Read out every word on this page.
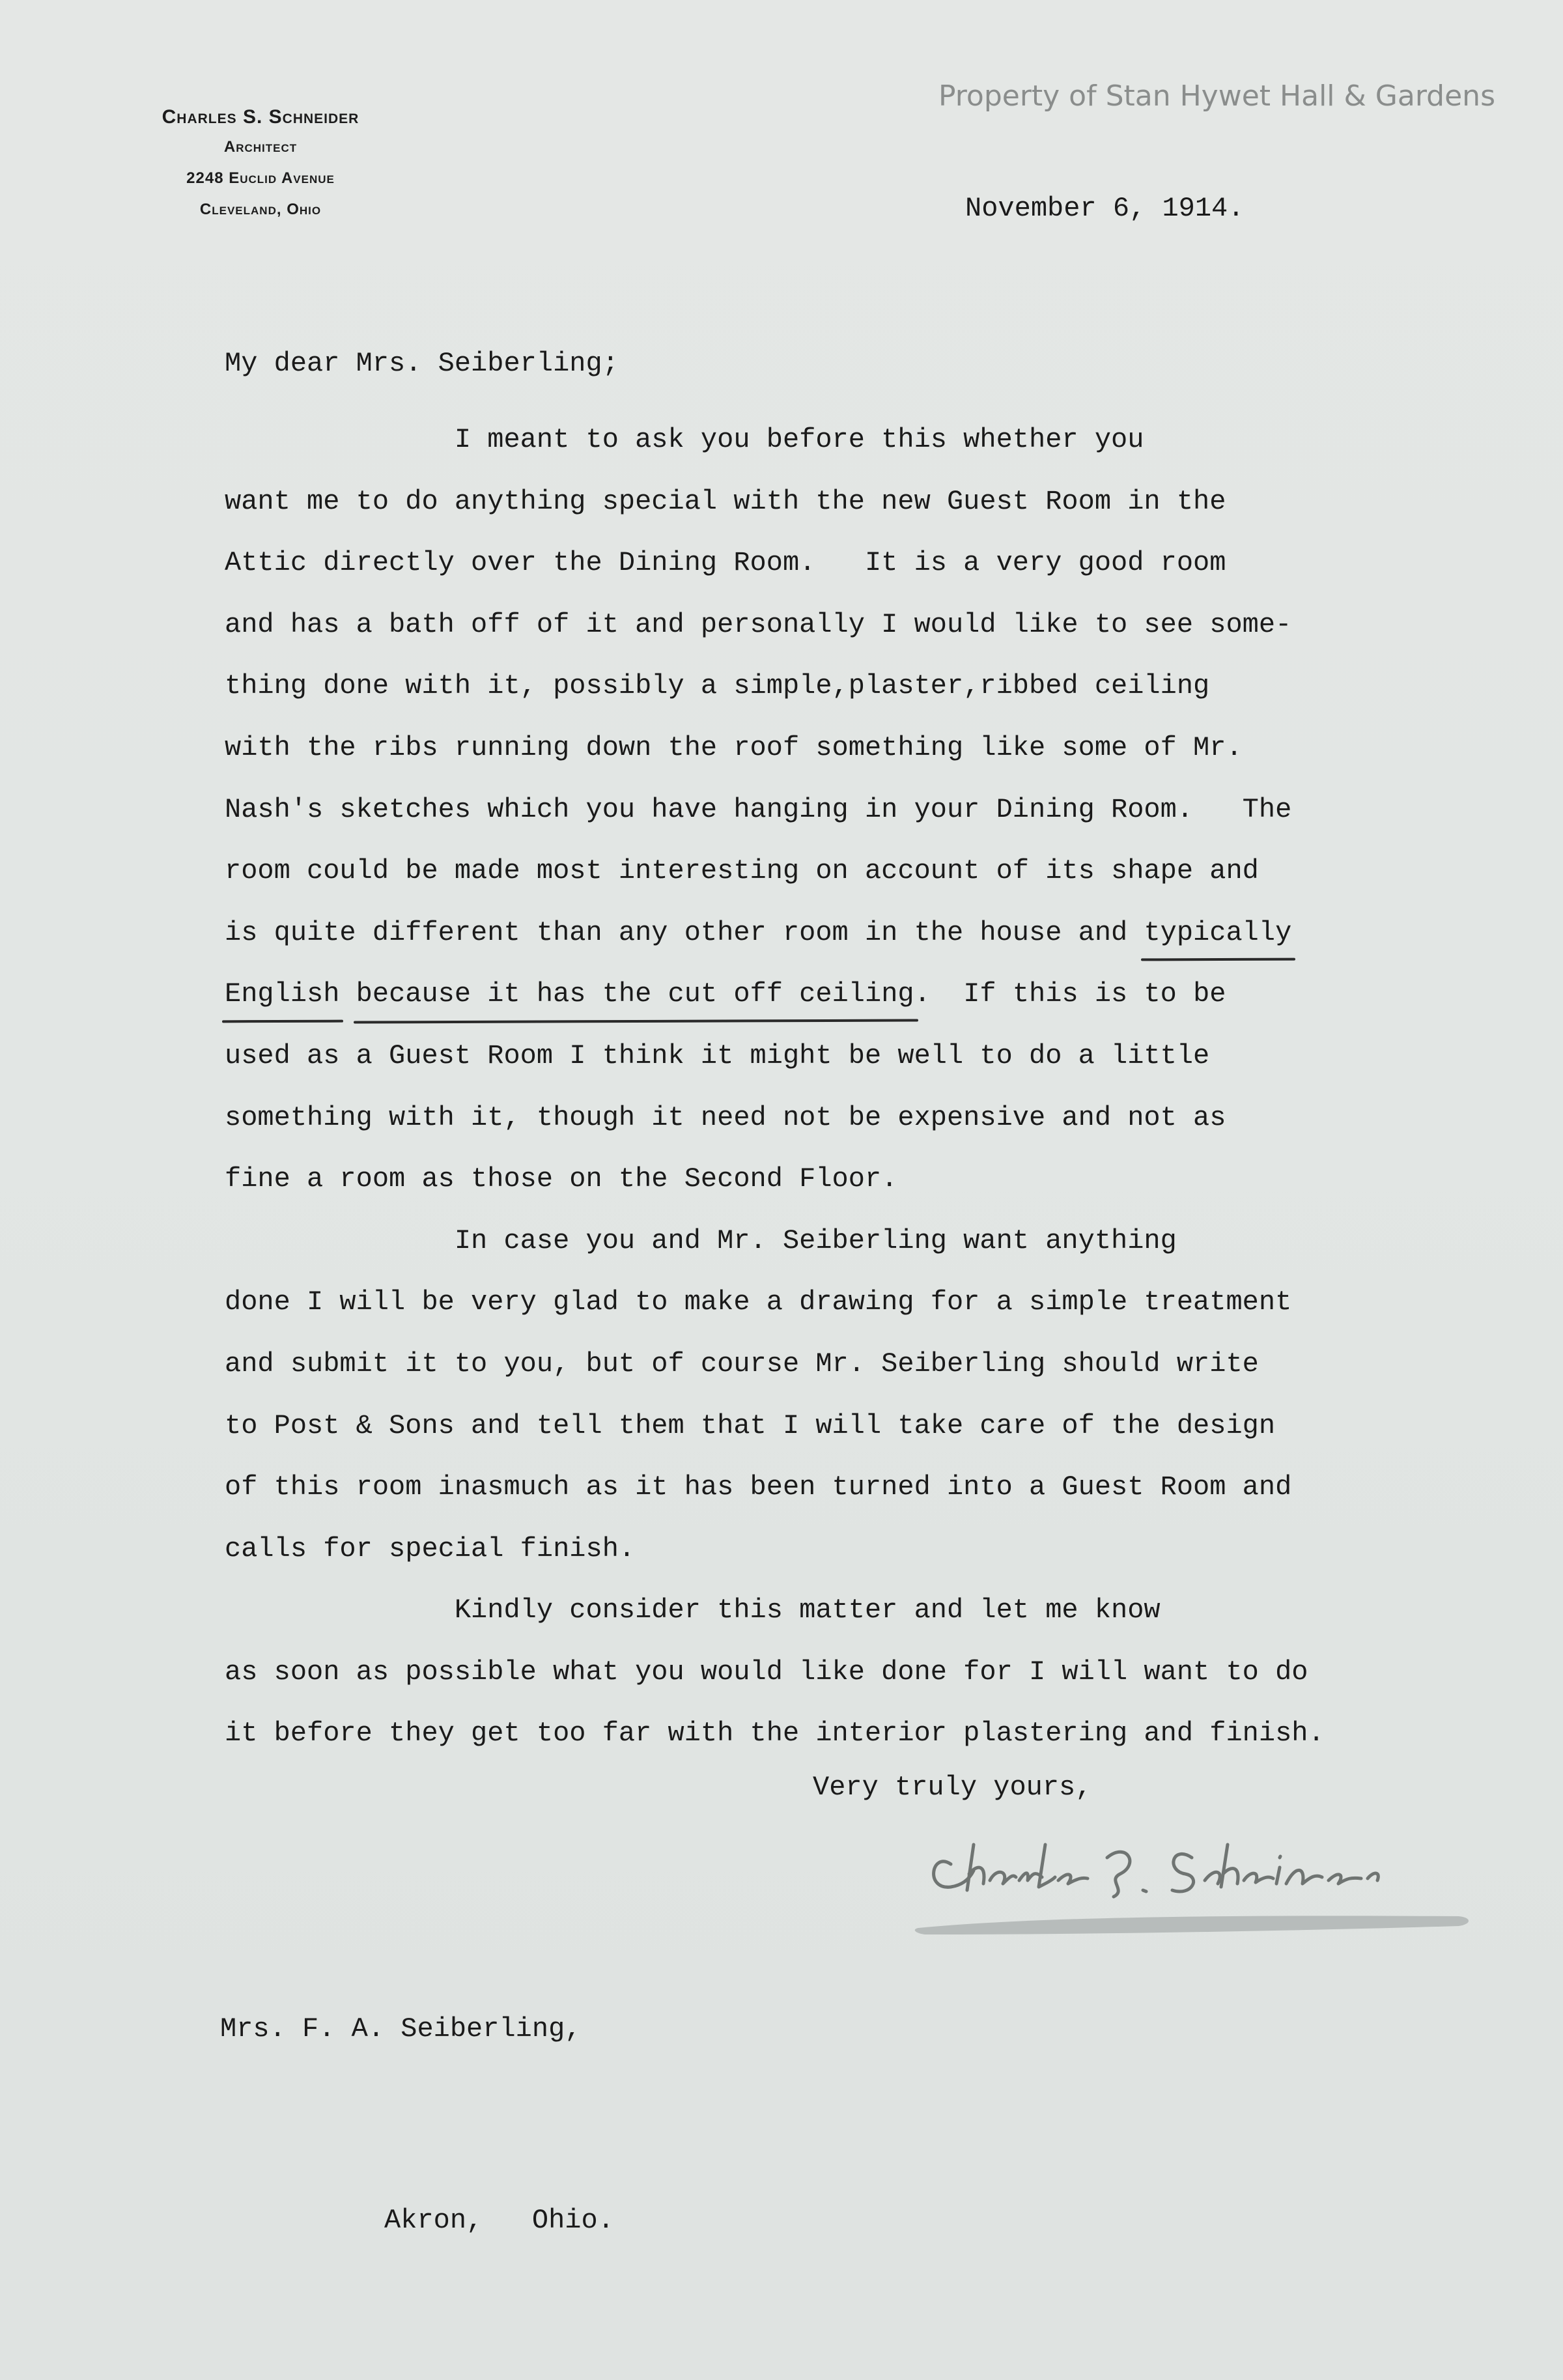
Charles S. Schneider
Architect
2248 Euclid Avenue
Cleveland, Ohio
Property of Stan Hywet Hall & Gardens
November 6, 1914.
My dear Mrs. Seiberling;
I meant to ask you before this whether you
want me to do anything special with the new Guest Room in the
Attic directly over the Dining Room.   It is a very good room
and has a bath off of it and personally I would like to see some-
thing done with it, possibly a simple,plaster,ribbed ceiling
with the ribs running down the roof something like some of Mr.
Nash's sketches which you have hanging in your Dining Room.   The
room could be made most interesting on account of its shape and
is quite different than any other room in the house and typically
English because it has the cut off ceiling.  If this is to be
used as a Guest Room I think it might be well to do a little
something with it, though it need not be expensive and not as
fine a room as those on the Second Floor.
In case you and Mr. Seiberling want anything
done I will be very glad to make a drawing for a simple treatment
and submit it to you, but of course Mr. Seiberling should write
to Post & Sons and tell them that I will take care of the design
of this room inasmuch as it has been turned into a Guest Room and
calls for special finish.
Kindly consider this matter and let me know
as soon as possible what you would like done for I will want to do
it before they get too far with the interior plastering and finish.
Very truly yours,

Mrs. F. A. Seiberling,

Akron,   Ohio.
